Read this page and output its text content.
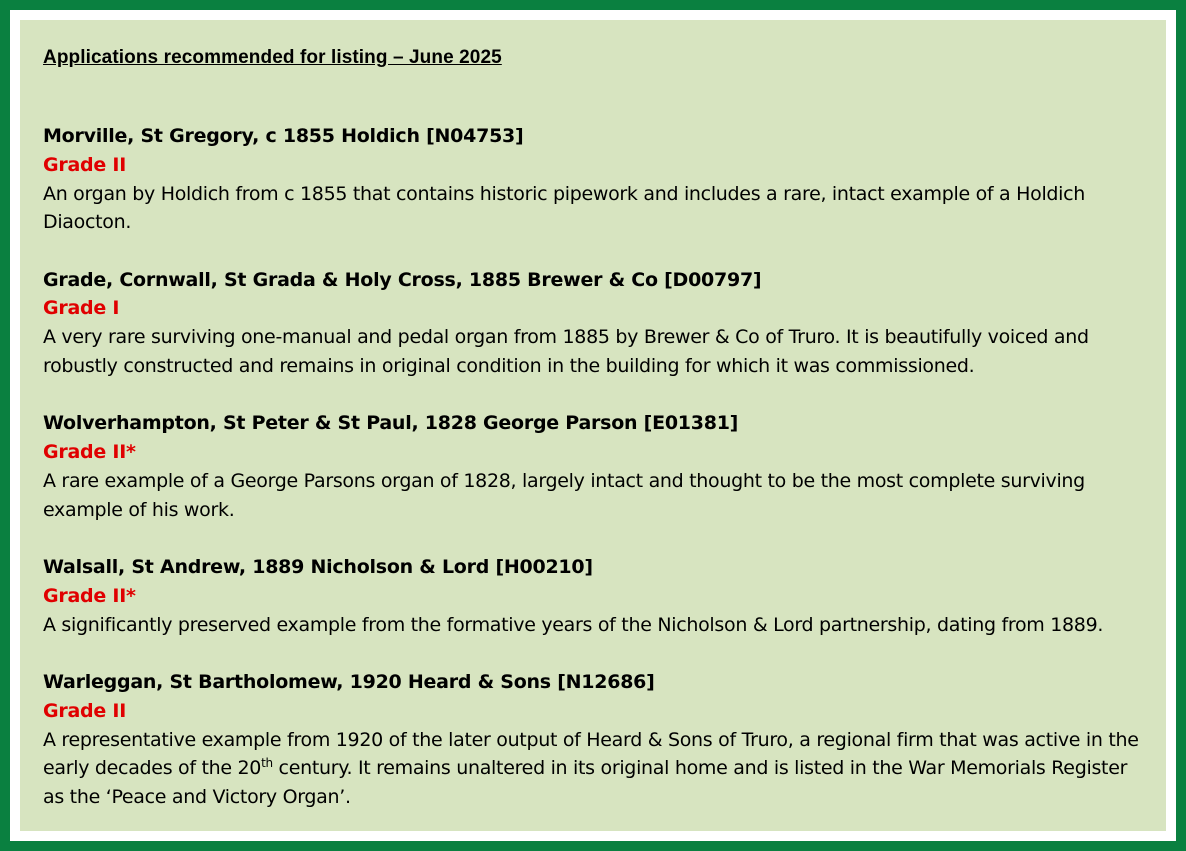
Applications recommended for listing – June 2025

Morville, St Gregory, c 1855 Holdich [N04753]

Grade II

An organ by Holdich from c 1855 that contains historic pipework and includes a rare, intact example of a Holdich Diaocton.

Grade, Cornwall, St Grada & Holy Cross, 1885 Brewer & Co [D00797]

Grade I

A very rare surviving one-manual and pedal organ from 1885 by Brewer & Co of Truro. It is beautifully voiced and robustly constructed and remains in original condition in the building for which it was commissioned.

Wolverhampton, St Peter & St Paul, 1828 George Parson [E01381]

Grade II*

A rare example of a George Parsons organ of 1828, largely intact and thought to be the most complete surviving example of his work.

Walsall, St Andrew, 1889 Nicholson & Lord [H00210]

Grade II*

A significantly preserved example from the formative years of the Nicholson & Lord partnership, dating from 1889.

Warleggan, St Bartholomew, 1920 Heard & Sons [N12686]

Grade II

A representative example from 1920 of the later output of Heard & Sons of Truro, a regional firm that was active in the early decades of the 20th century. It remains unaltered in its original home and is listed in the War Memorials Register as the ‘Peace and Victory Organ’.
